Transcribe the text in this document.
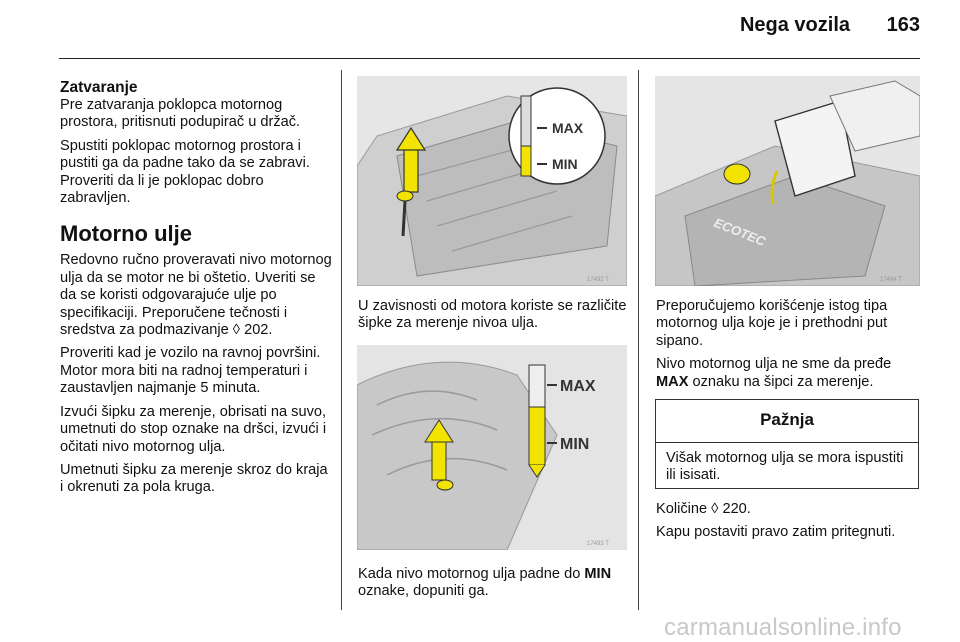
Nega vozila	163
Zatvaranje

Pre zatvaranja poklopca motornog prostora, pritisnuti podupirač u držač.

Spustiti poklopac motornog prostora i pustiti ga da padne tako da se zabravi. Proveriti da li je poklopac dobro zabravljen.

Motorno ulje

Redovno ručno proveravati nivo motornog ulja da se motor ne bi oštetio. Uveriti se da se koristi odgovarajuće ulje po specifikaciji. Preporučene tečnosti i sredstva za podmazivanje ◊ 202.

Proveriti kad je vozilo na ravnoj površini. Motor mora biti na radnoj temperaturi i zaustavljen najmanje 5 minuta.

Izvući šipku za merenje, obrisati na suvo, umetnuti do stop oznake na dršci, izvući i očitati nivo motornog ulja.

Umetnuti šipku za merenje skroz do kraja i okrenuti za pola kruga.

MAX
MIN
17492 T
U zavisnosti od motora koriste se različite šipke za merenje nivoa ulja.
MAX
MIN
17493 T
Kada nivo motornog ulja padne do MIN oznake, dopuniti ga.
ECOTEC
17494 T

Preporučujemo korišćenje istog tipa motornog ulja koje je i prethodni put sipano.

Nivo motornog ulja ne sme da pređe MAX oznaku na šipci za merenje.

Pažnja
Višak motornog ulja se mora ispustiti ili isisati.

Količine ◊ 220.

Kapu postaviti pravo zatim pritegnuti.

carmanualsonline.info
